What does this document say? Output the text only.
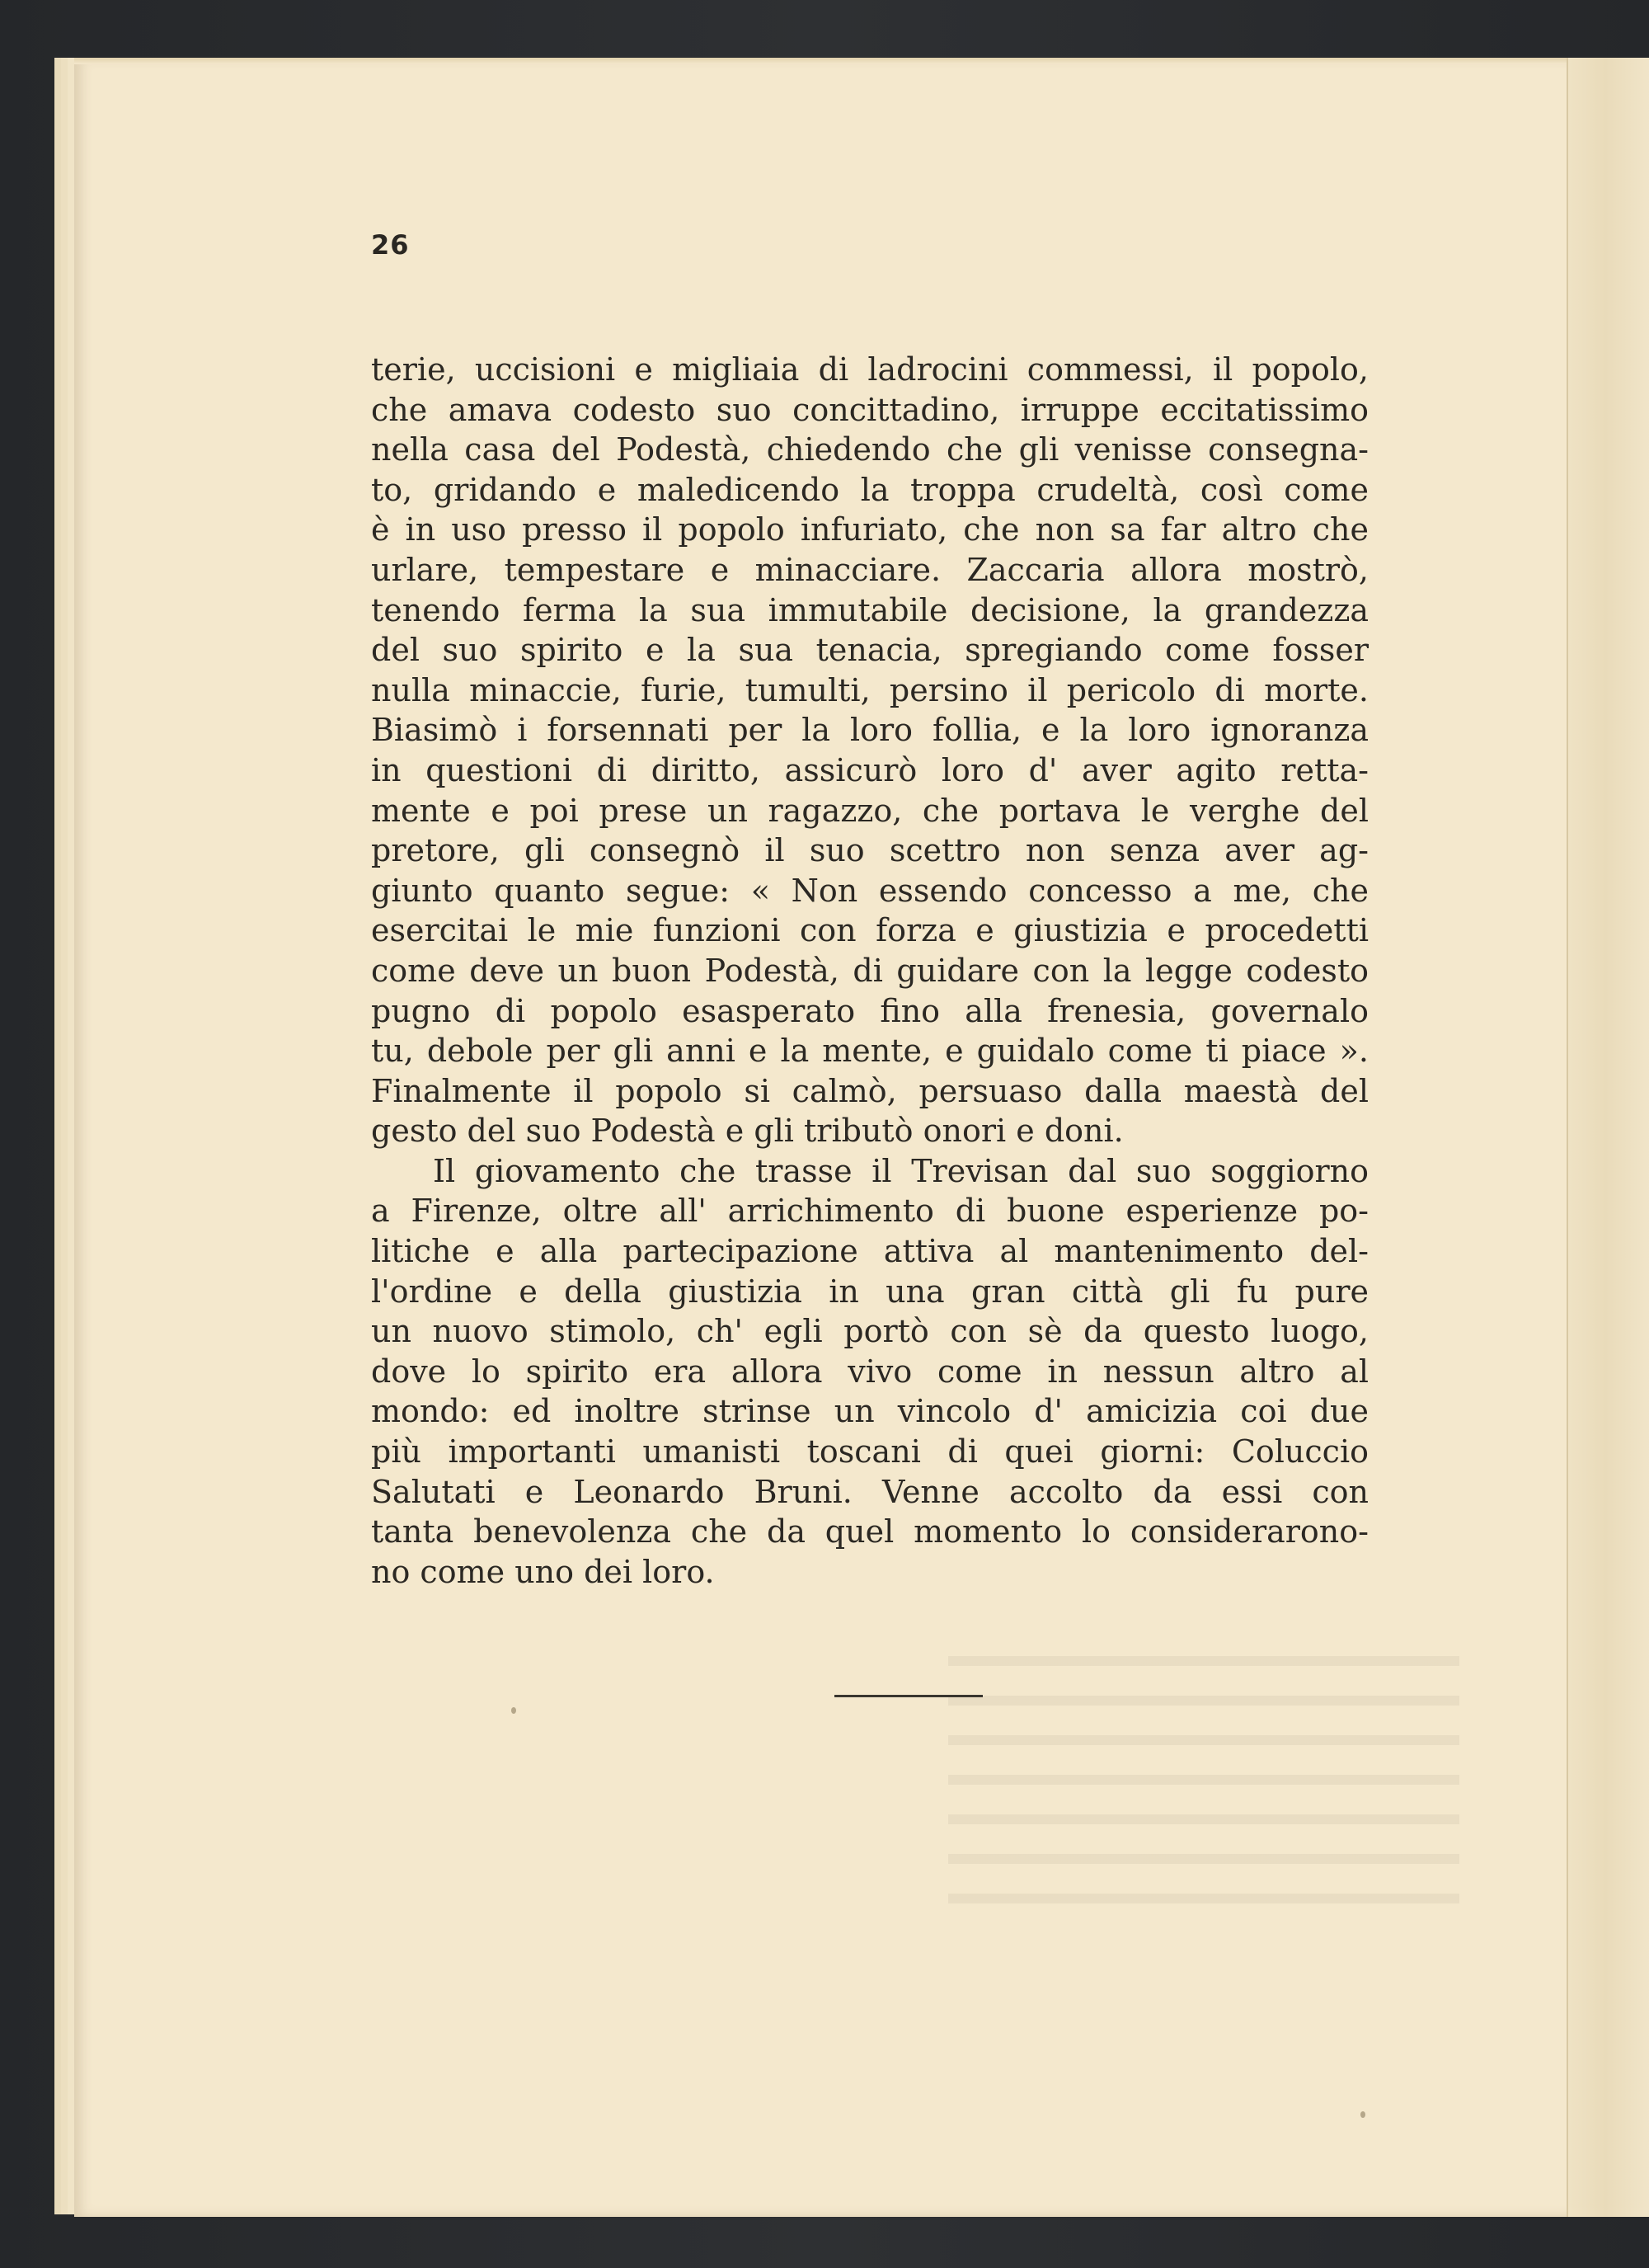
26
terie, uccisioni e migliaia di ladrocini commessi, il popolo,
che amava codesto suo concittadino, irruppe eccitatissimo
nella casa del Podestà, chiedendo che gli venisse consegna-
to, gridando e maledicendo la troppa crudeltà, così come
è in uso presso il popolo infuriato, che non sa far altro che
urlare, tempestare e minacciare. Zaccaria allora mostrò,
tenendo ferma la sua immutabile decisione, la grandezza
del suo spirito e la sua tenacia, spregiando come fosser
nulla minaccie, furie, tumulti, persino il pericolo di morte.
Biasimò i forsennati per la loro follia, e la loro ignoranza
in questioni di diritto, assicurò loro d' aver agito retta-
mente e poi prese un ragazzo, che portava le verghe del
pretore, gli consegnò il suo scettro non senza aver ag-
giunto quanto segue: « Non essendo concesso a me, che
esercitai le mie funzioni con forza e giustizia e procedetti
come deve un buon Podestà, di guidare con la legge codesto
pugno di popolo esasperato fino alla frenesia, governalo
tu, debole per gli anni e la mente, e guidalo come ti piace ».
Finalmente il popolo si calmò, persuaso dalla maestà del
gesto del suo Podestà e gli tributò onori e doni.
Il giovamento che trasse il Trevisan dal suo soggiorno
a Firenze, oltre all' arrichimento di buone esperienze po-
litiche e alla partecipazione attiva al mantenimento del-
l'ordine e della giustizia in una gran città gli fu pure
un nuovo stimolo, ch' egli portò con sè da questo luogo,
dove lo spirito era allora vivo come in nessun altro al
mondo: ed inoltre strinse un vincolo d' amicizia coi due
più importanti umanisti toscani di quei giorni: Coluccio
Salutati e Leonardo Bruni. Venne accolto da essi con
tanta benevolenza che da quel momento lo considerarono-
no come uno dei loro.
